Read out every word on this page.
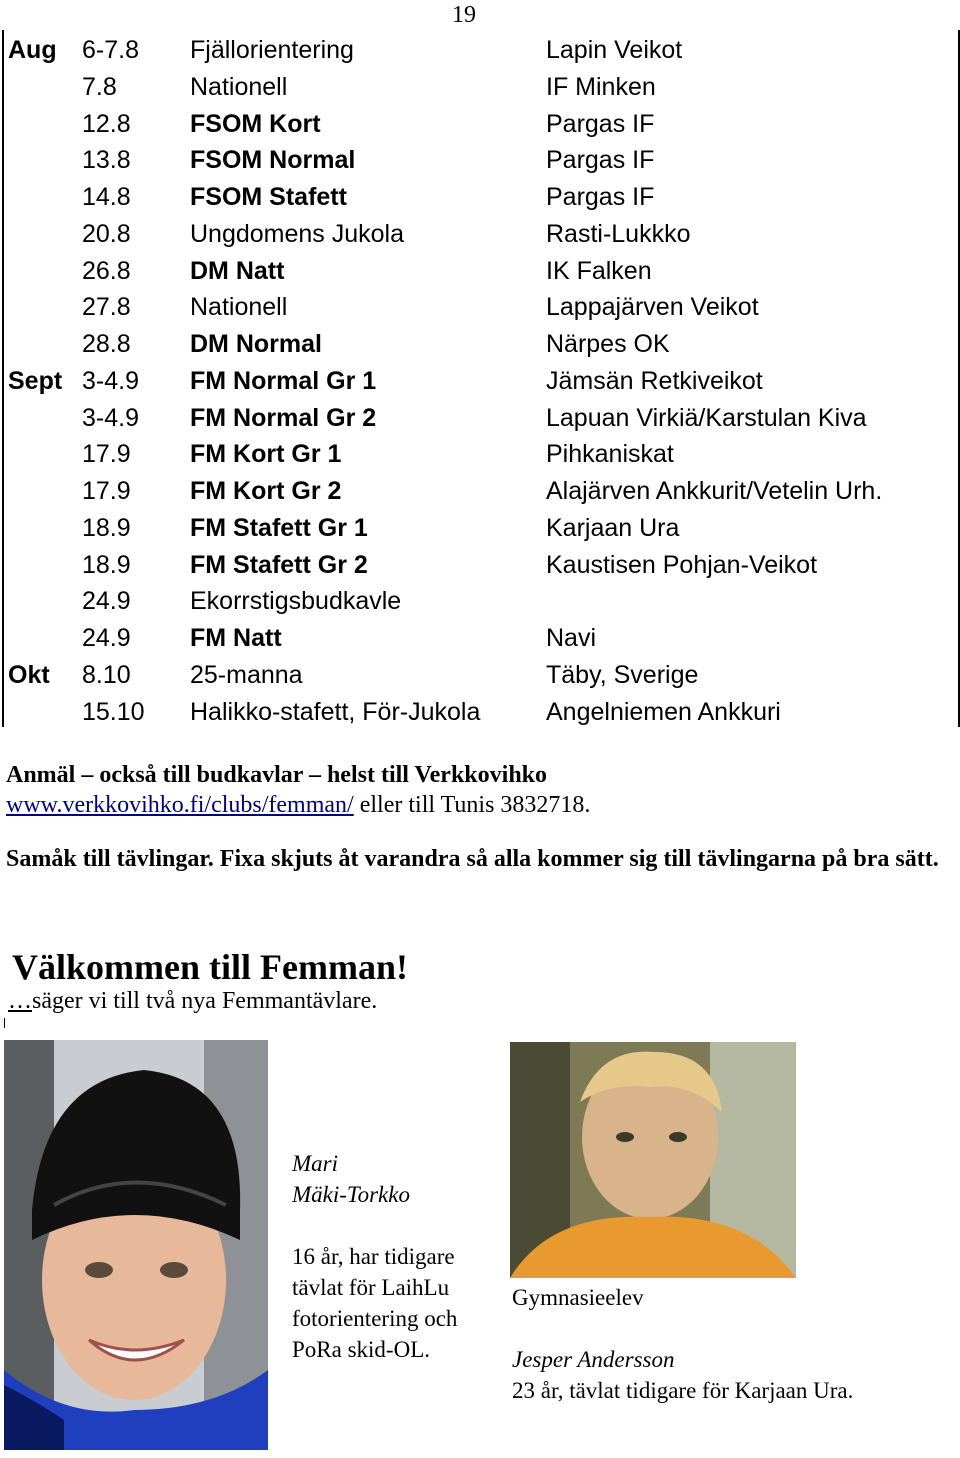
19
Aug 6-7.8 Fjällorientering	Lapin Veikot
7.8	Nationell	IF Minken
12.8 FSOM Kort	Pargas IF
13.8 FSOM Normal	Pargas IF
14.8 FSOM Stafett	Pargas IF
20.8 Ungdomens Jukola	Rasti-Lukkko
26.8 DM Natt	IK Falken
27.8 Nationell	Lappajärven Veikot
28.8 DM Normal	Närpes OK
Sept 3-4.9 FM Normal Gr 1	Jämsän Retkiveikot
3-4.9 FM Normal Gr 2	Lapuan Virkiä/Karstulan Kiva
17.9 FM Kort Gr 1	Pihkaniskat
17.9 FM Kort Gr 2	Alajärven Ankkurit/Vetelin Urh.
18.9 FM Stafett Gr 1	Karjaan Ura
18.9 FM Stafett Gr 2	Kaustisen Pohjan-Veikot
24.9 Ekorrstigsbudkavle
24.9 FM Natt	Navi
Okt 8.10 25-manna	Täby, Sverige
15.10 Halikko-stafett, För-Jukola	Angelniemen Ankkuri

Anmäl – också till budkavlar – helst till Verkkovihko

www.verkkovihko.fi/clubs/femman/ eller till Tunis 3832718.

Samåk till tävlingar. Fixa skjuts åt varandra så alla kommer sig till tävlingarna på bra sätt.

Välkommen till Femman!
…säger vi till två nya Femmantävlare.
Mari
Mäki-Torkko
16 år, har tidigare tävlat för LaihLu fotorientering och PoRa skid-OL.
Gymnasieelev
Jesper Andersson
23 år, tävlat tidigare för Karjaan Ura.
